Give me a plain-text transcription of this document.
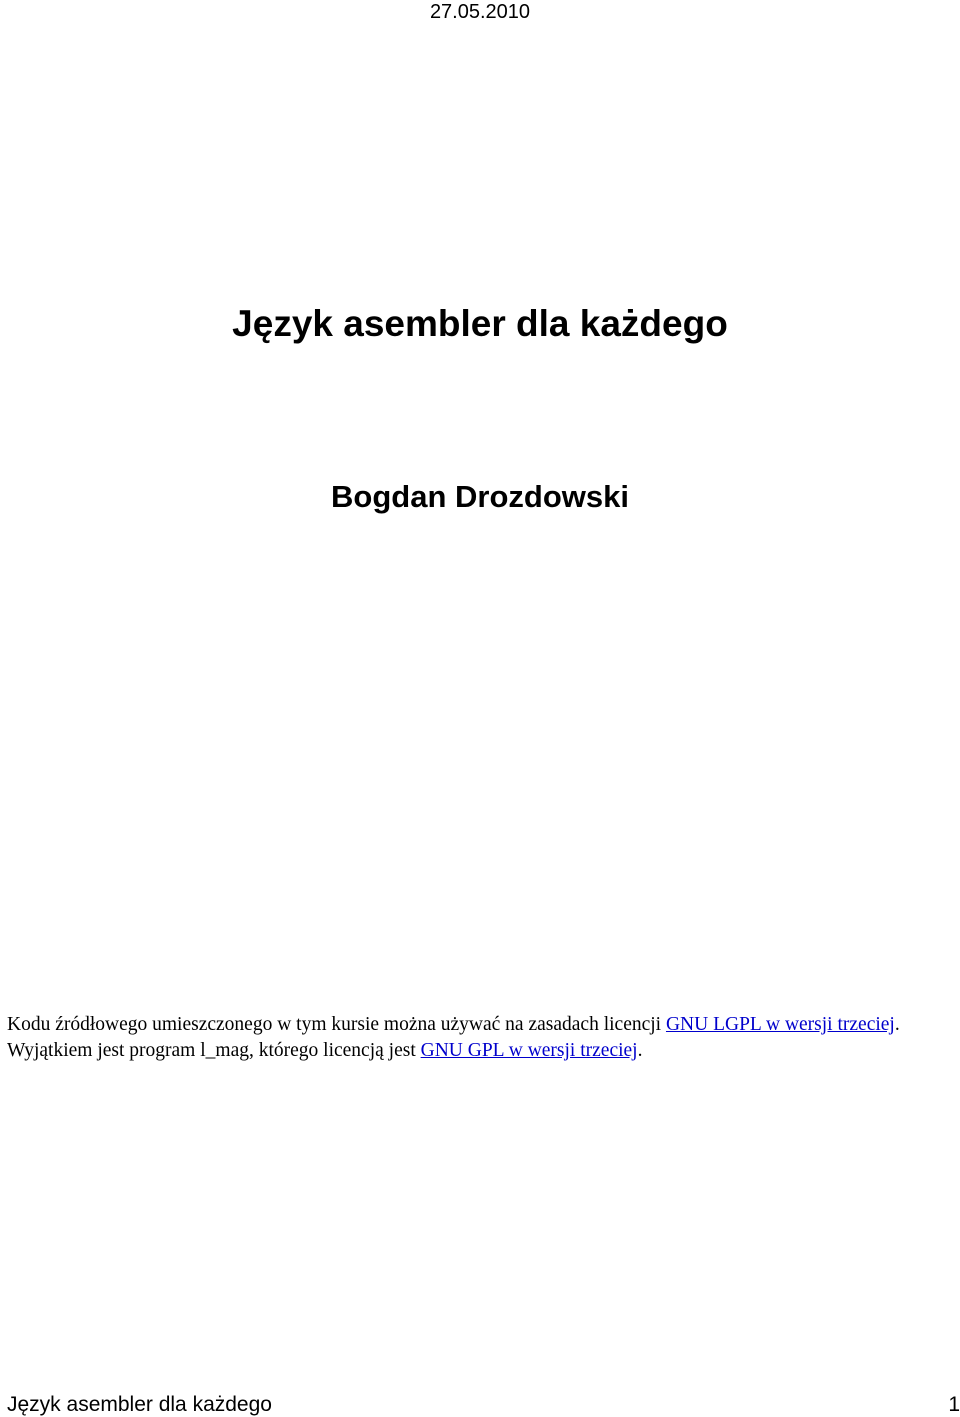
27.05.2010
Język asembler dla każdego
Bogdan Drozdowski

Kodu źródłowego umieszczonego w tym kursie można używać na zasadach licencji GNU LGPL w wersji trzeciej. Wyjątkiem jest program l_mag, którego licencją jest GNU GPL w wersji trzeciej.

Język asembler dla każdego	1
